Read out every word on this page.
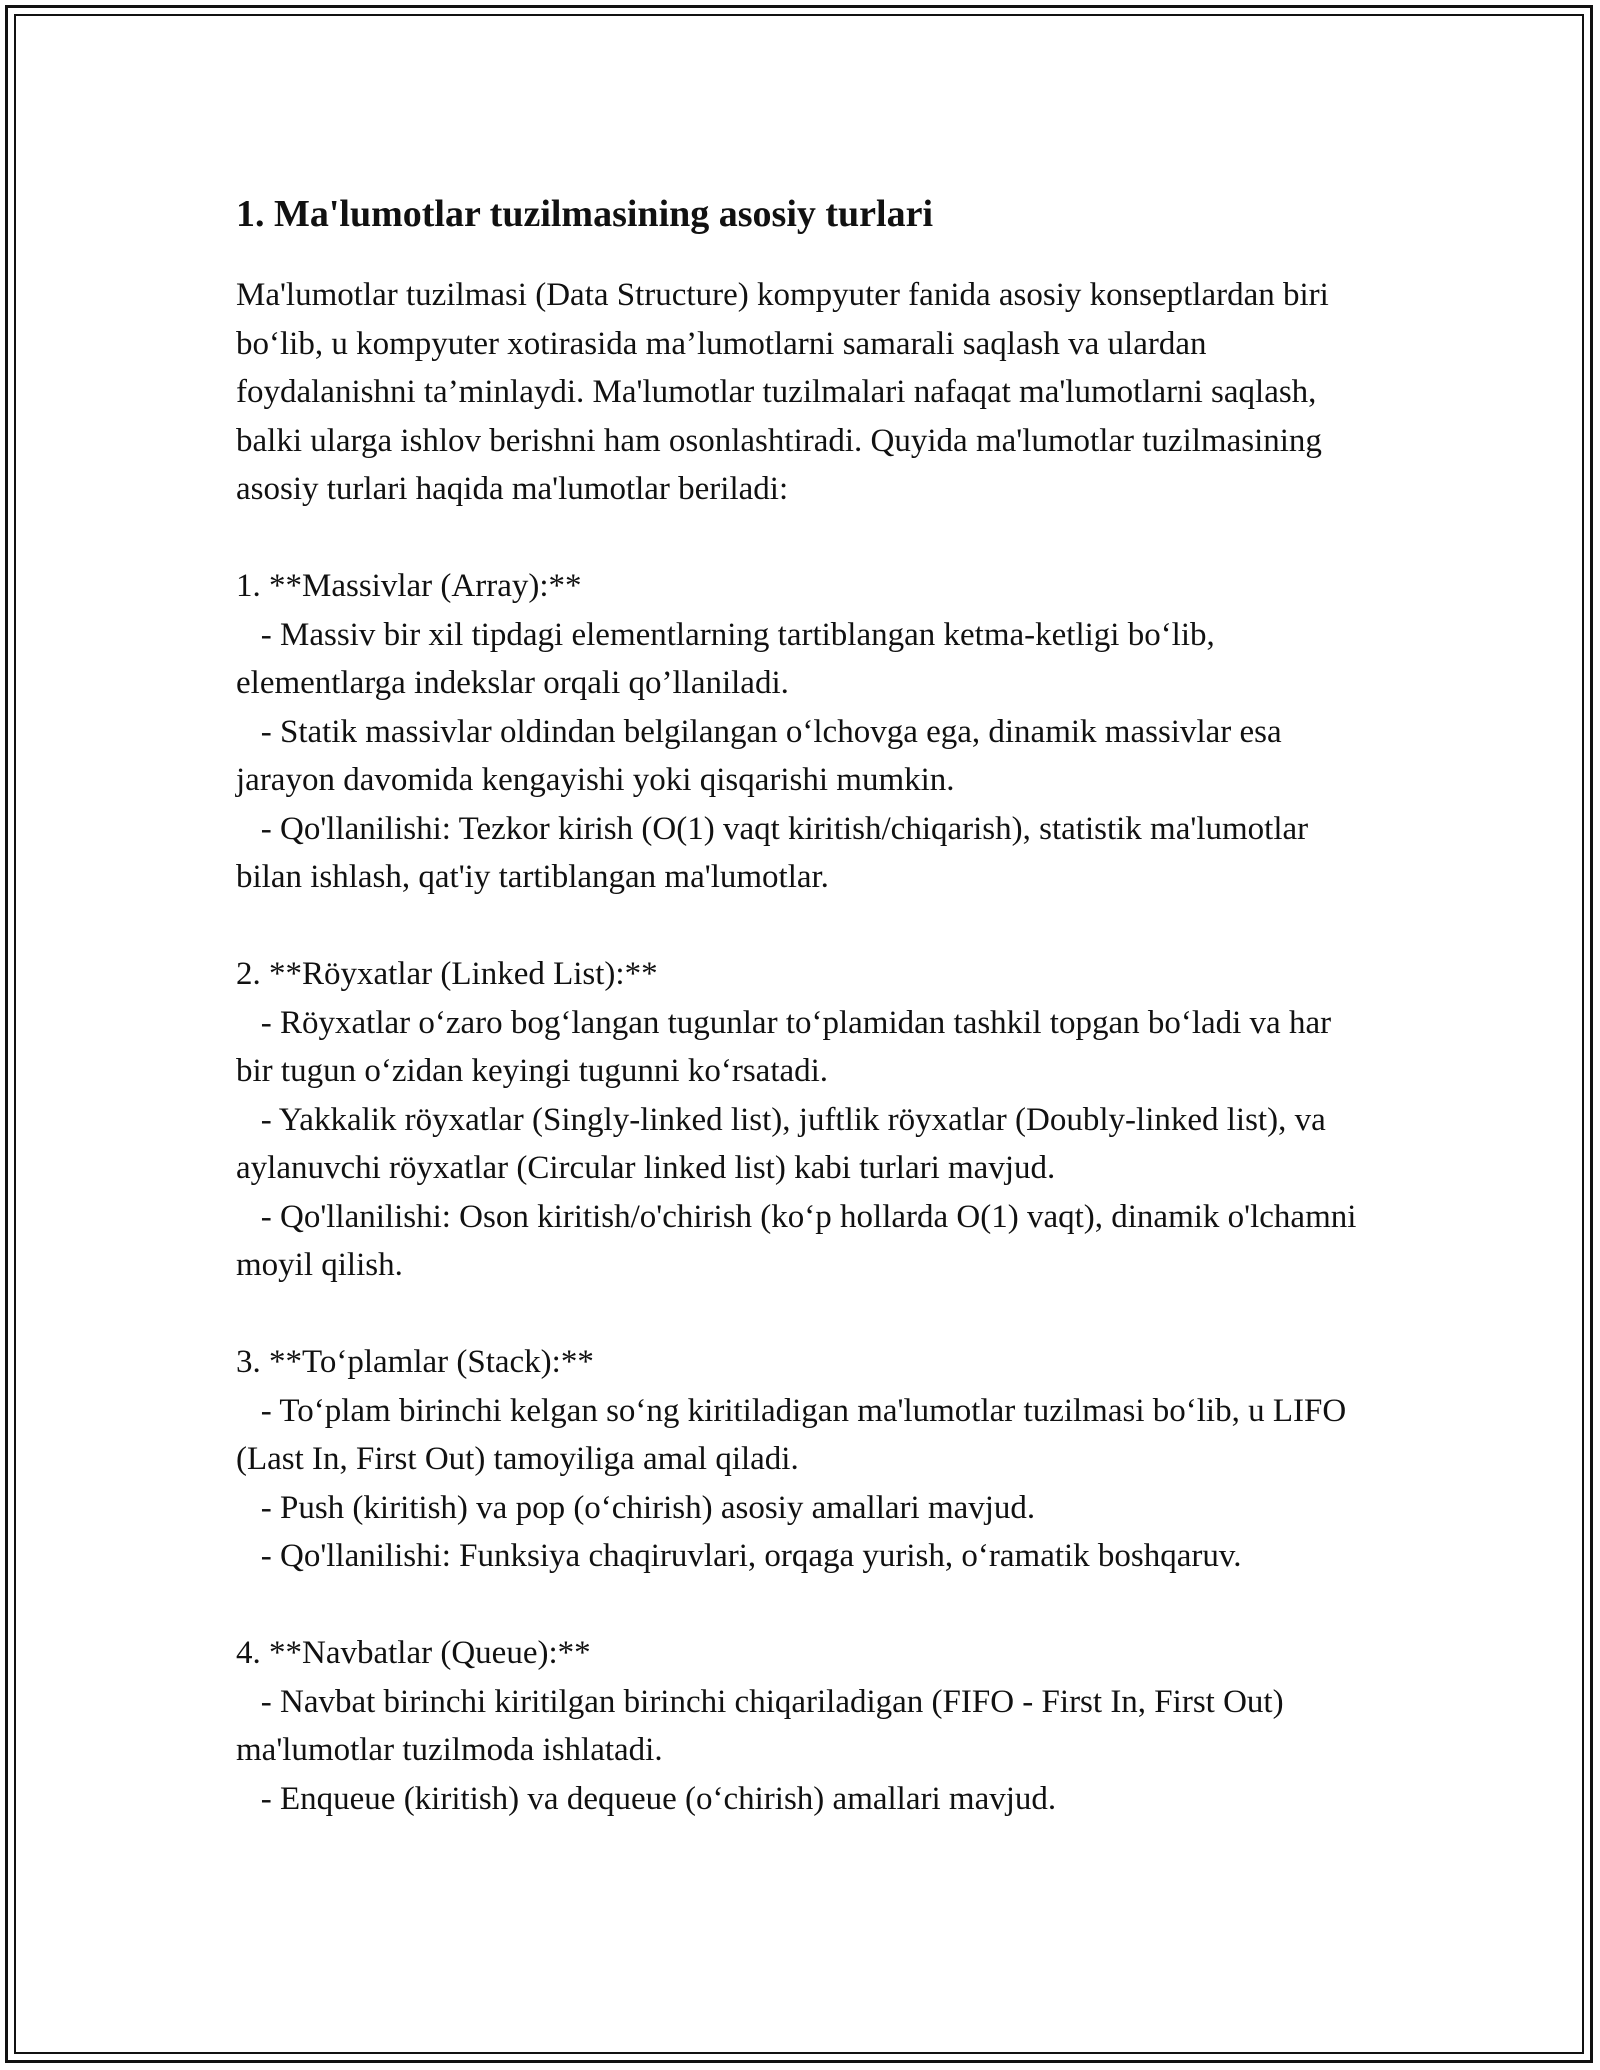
1. Ma'lumotlar tuzilmasining asosiy turlari

Ma'lumotlar tuzilmasi (Data Structure) kompyuter fanida asosiy konseptlardan biri bo‘lib, u kompyuter xotirasida ma’lumotlarni samarali saqlash va ulardan foydalanishni ta’minlaydi. Ma'lumotlar tuzilmalari nafaqat ma'lumotlarni saqlash, balki ularga ishlov berishni ham osonlashtiradi. Quyida ma'lumotlar tuzilmasining asosiy turlari haqida ma'lumotlar beriladi:

1. **Massivlar (Array):**

- Massiv bir xil tipdagi elementlarning tartiblangan ketma-ketligi bo‘lib, elementlarga indekslar orqali qo’llaniladi.

- Statik massivlar oldindan belgilangan o‘lchovga ega, dinamik massivlar esa jarayon davomida kengayishi yoki qisqarishi mumkin.

- Qo'llanilishi: Tezkor kirish (O(1) vaqt kiritish/chiqarish), statistik ma'lumotlar bilan ishlash, qat'iy tartiblangan ma'lumotlar.

2. **Röyxatlar (Linked List):**

- Röyxatlar o‘zaro bog‘langan tugunlar to‘plamidan tashkil topgan bo‘ladi va har bir tugun o‘zidan keyingi tugunni ko‘rsatadi.

- Yakkalik röyxatlar (Singly-linked list), juftlik röyxatlar (Doubly-linked list), va aylanuvchi röyxatlar (Circular linked list) kabi turlari mavjud.

- Qo'llanilishi: Oson kiritish/o'chirish (ko‘p hollarda O(1) vaqt), dinamik o'lchamni moyil qilish.

3. **To‘plamlar (Stack):**

- To‘plam birinchi kelgan so‘ng kiritiladigan ma'lumotlar tuzilmasi bo‘lib, u LIFO (Last In, First Out) tamoyiliga amal qiladi.

- Push (kiritish) va pop (o‘chirish) asosiy amallari mavjud.

- Qo'llanilishi: Funksiya chaqiruvlari, orqaga yurish, o‘ramatik boshqaruv.

4. **Navbatlar (Queue):**

- Navbat birinchi kiritilgan birinchi chiqariladigan (FIFO - First In, First Out) ma'lumotlar tuzilmoda ishlatadi.

- Enqueue (kiritish) va dequeue (o‘chirish) amallari mavjud.
